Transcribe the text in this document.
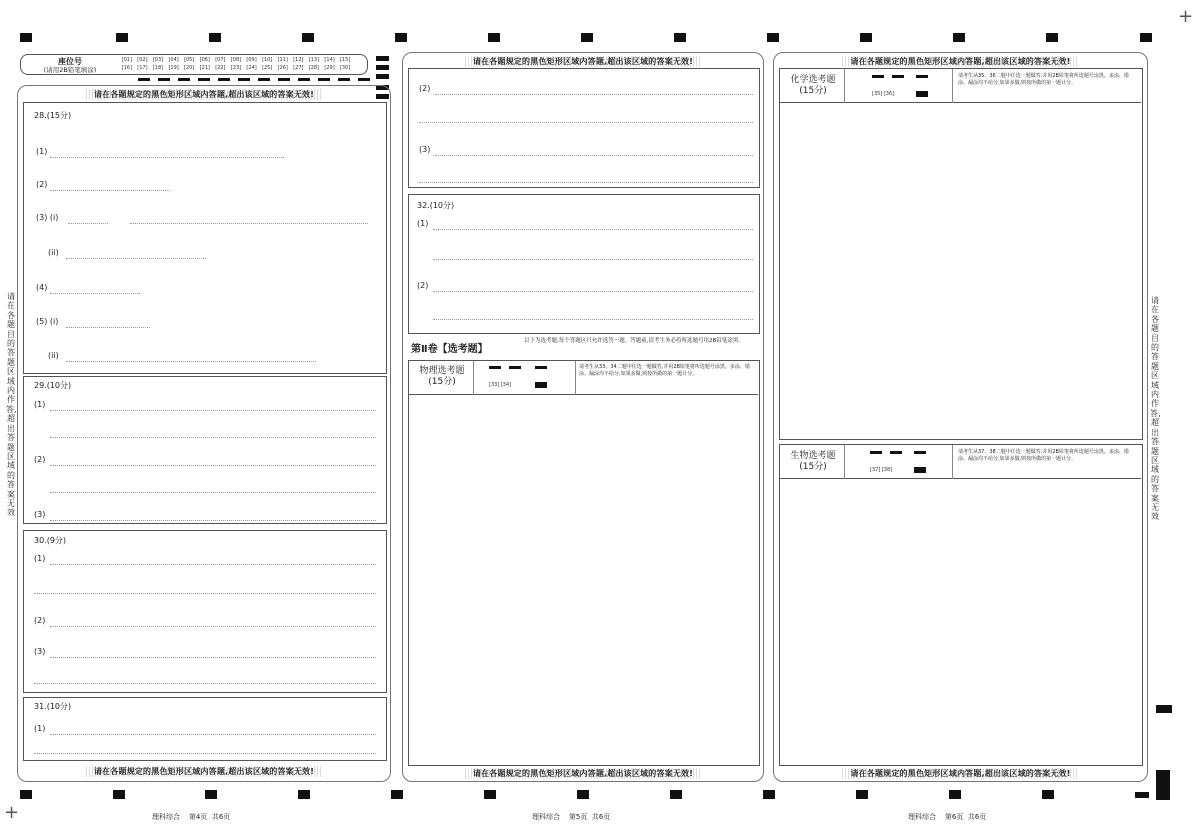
+
+
请在各题目的答题区域内作答,超出答题区域的答案无效
请在各题目的答题区域内作答,超出答题区域的答案无效
座位号
(请用2B铅笔填涂)
[01]	[02]	[03]	[04]	[05]	[06]	[07]	[08]	[09]	[10]	[11]	[12]	[13]	[14]	[15]
[16]	[17]	[18]	[19]	[20]	[21]	[22]	[23]	[24]	[25]	[26]	[27]	[28]	[29]	[30]
请在各题规定的黑色矩形区域内答题,超出该区域的答案无效!
请在各题规定的黑色矩形区域内答题,超出该区域的答案无效!
28.(15分)
(1)
(2)
(3) (i)
(ii)
(4)
(5) (i)
(ii)
29.(10分)
(1)
(2)
(3)
30.(9分)
(1)
(2)
(3)
31.(10分)
(1)
请在各题规定的黑色矩形区域内答题,超出该区域的答案无效!
请在各题规定的黑色矩形区域内答题,超出该区域的答案无效!
(2)
(3)
32.(10分)
(1)
(2)
第Ⅱ卷【选考题】
以下为选考题,每个答题区只允许选答一题。答题前,请考生务必将所选题号用2B铅笔涂黑。
物理选考题
(15分)	[33] [34]
请考生从33、34二题中任选一题做答,并用2B铅笔将所选题号涂黑。多涂、错涂、漏涂均不给分,如果多做,则按所做的第一题计分。
请在各题规定的黑色矩形区域内答题,超出该区域的答案无效!
请在各题规定的黑色矩形区域内答题,超出该区域的答案无效!
化学选考题
(15分)	[35] [36]
请考生从35、36二题中任选一题做答,并用2B铅笔将所选题号涂黑。多涂、错涂、漏涂均不给分,如果多做,则按所做的第一题计分。
生物选考题
(15分)	[37] [38]
请考生从37、38二题中任选一题做答,并用2B铅笔将所选题号涂黑。多涂、错涂、漏涂均不给分,如果多做,则按所做的第一题计分。
理科综合 第4页 共6页	理科综合 第5页 共6页	理科综合 第6页 共6页
